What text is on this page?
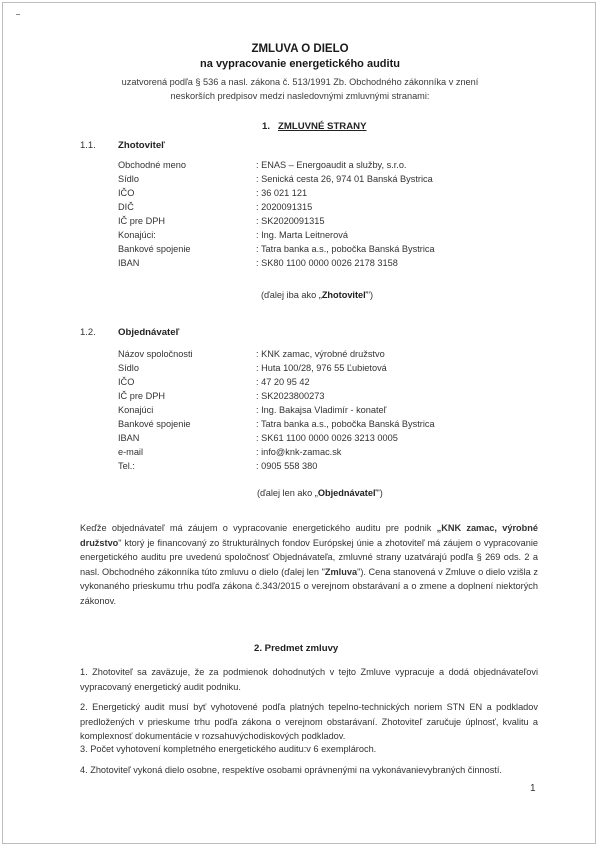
ZMLUVA O DIELO
na vypracovanie energetického auditu
uzatvorená podľa § 536 a nasl. zákona č. 513/1991 Zb. Obchodného zákonníka v znení
neskorších predpisov medzi nasledovnými zmluvnými stranami:
1. ZMLUVNÉ STRANY
1.1. Zhotoviteľ
Obchodné meno	: ENAS – Energoaudit a služby, s.r.o.
Sídlo	: Senická cesta 26, 974 01 Banská Bystrica
IČO	: 36 021 121
DIČ	: 2020091315
IČ pre DPH	: SK2020091315
Konajúci:	: Ing. Marta Leitnerová
Bankové spojenie	: Tatra banka a.s., pobočka Banská Bystrica
IBAN	: SK80 1100 0000 0026 2178 3158
(ďalej iba ako „Zhotoviteľ")
1.2. Objednávateľ
Názov spoločnosti	: KNK zamac, výrobné družstvo
Sídlo	: Huta 100/28, 976 55 Ľubietová
IČO	: 47 20 95 42
IČ pre DPH	: SK2023800273
Konajúci	: Ing. Bakajsa Vladimír - konateľ
Bankové spojenie	: Tatra banka a.s., pobočka Banská Bystrica
IBAN	: SK61 1100 0000 0026 3213 0005
e-mail	: info@knk-zamac.sk
Tel.:	: 0905 558 380
(ďalej len ako „Objednávateľ")
Keďže objednávateľ má záujem o vypracovanie energetického auditu pre podnik „KNK zamac, výrobné družstvo" ktorý je financovaný zo štrukturálnych fondov Európskej únie a zhotoviteľ má záujem o vypracovanie energetického auditu pre uvedenú spoločnosť Objednávateľa, zmluvné strany uzatvárajú podľa § 269 ods. 2 a nasl. Obchodného zákonníka túto zmluvu o dielo (ďalej len "Zmluva"). Cena stanovená v Zmluve o dielo vzišla z vykonaného prieskumu trhu podľa zákona č.343/2015 o verejnom obstarávaní a o zmene a doplnení niektorých zákonov.
2. Predmet zmluvy
1. Zhotoviteľ sa zaväzuje, že za podmienok dohodnutých v tejto Zmluve vypracuje a dodá objednávateľovi vypracovaný energetický audit podniku.
2. Energetický audit musí byť vyhotovené podľa platných tepelno-technických noriem STN EN a podkladov predložených v prieskume trhu podľa zákona o verejnom obstarávaní. Zhotoviteľ zaručuje úplnosť, kvalitu a komplexnosť dokumentácie v rozsahuvýchodiskových podkladov.
3. Počet vyhotovení kompletného energetického auditu:v 6 exemplároch.
4. Zhotoviteľ vykoná dielo osobne, respektíve osobami oprávnenými na vykonávanievybraných činností.
1
